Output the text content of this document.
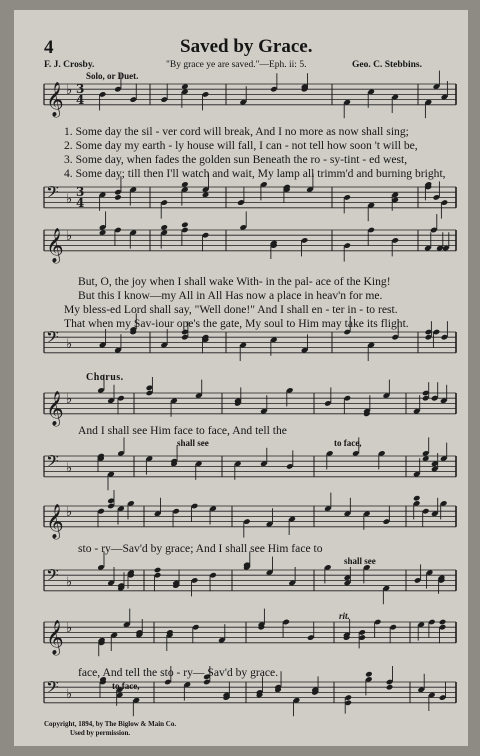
𝄞 ♭ 3
4
𝄢 ♭ 3
4
𝄞 ♭
𝄢 ♭
𝄞 ♭
𝄢 ♭
𝄞 ♭
𝄢 ♭
𝄞 ♭
𝄢 ♭
4	Saved by Grace.
F. J. Crosby.	"By grace ye are saved."—Eph. ii: 5.	Geo. C. Stebbins.
Solo, or Duet.
1. Some day the sil - ver cord will break, And I no more as now shall sing;
2. Some day my earth - ly house will fall, I can - not tell how soon 't will be,
3. Some day, when fades the golden sun Beneath the ro - sy-tint - ed west,
4. Some day; till then I'll watch and wait, My lamp all trimm'd and burning bright,
But, O, the joy when I shall wake With- in the pal- ace of the King!
But this I know—my All in All Has now a place in heav'n for me.
My bless-ed Lord shall say, "Well done!" And I shall en - ter in - to rest.
That when my Sav-iour ope's the gate, My soul to Him may take its flight.
Chorus.
And I shall see Him face to face, And tell the
shall see	to face,
sto - ry—Sav'd by grace; And I shall see Him face to
shall see
rit.
face, And tell the sto - ry— Sav'd by grace.
to face,
Copyright, 1894, by The Biglow & Main Co.
Used by permission.
